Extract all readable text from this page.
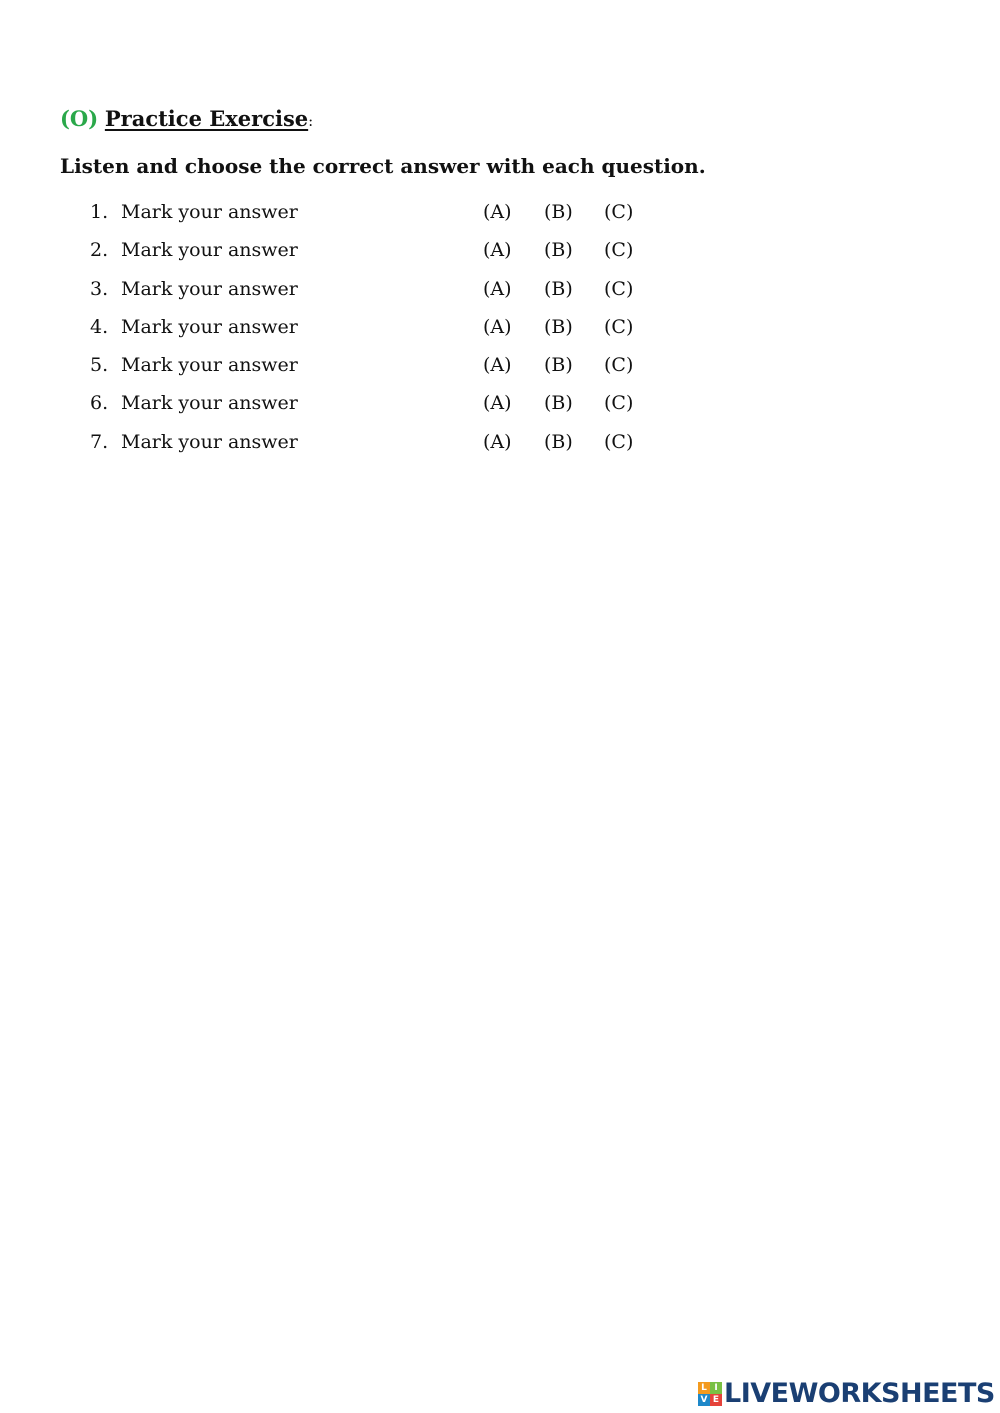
(O) Practice Exercise:
Listen and choose the correct answer with each question.
1. Mark your answer	(A) (B) (C)
2. Mark your answer	(A) (B) (C)
3. Mark your answer	(A) (B) (C)
4. Mark your answer	(A) (B) (C)
5. Mark your answer	(A) (B) (C)
6. Mark your answer	(A) (B) (C)
7. Mark your answer	(A) (B) (C)
L I
V E LIVEWORKSHEETS
